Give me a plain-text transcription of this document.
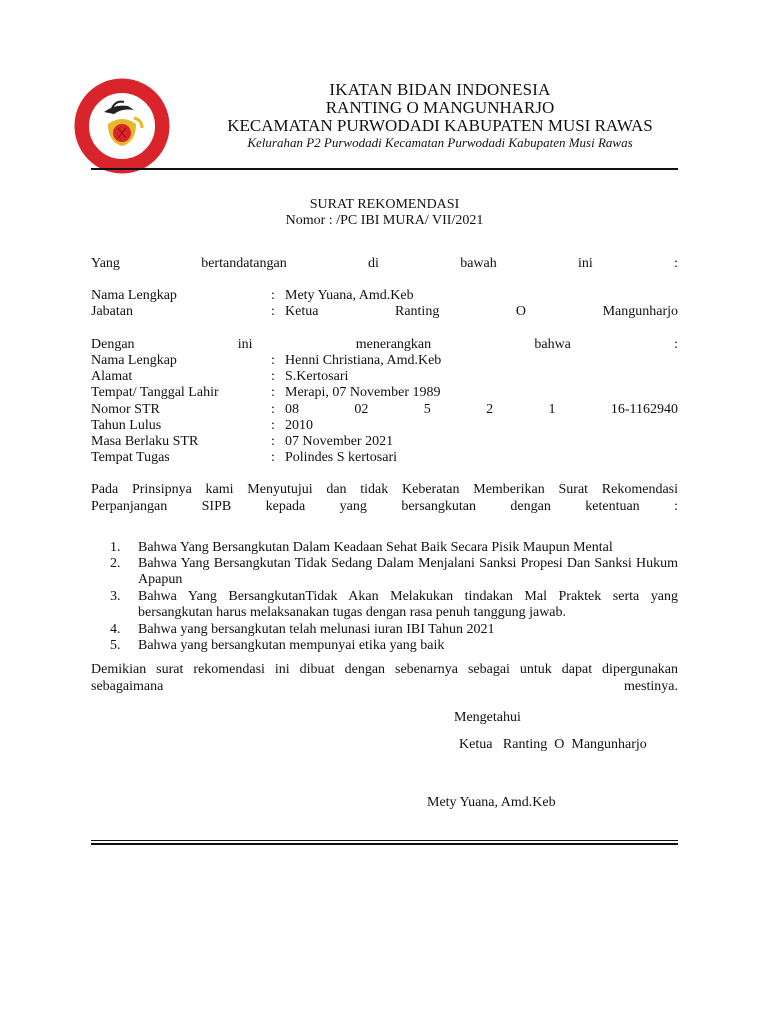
IKATAN BIDAN INDONESIA
RANTING O MANGUNHARJO
KECAMATAN PURWODADI KABUPATEN MUSI RAWAS
Kelurahan P2 Purwodadi Kecamatan Purwodadi Kabupaten Musi Rawas
SURAT REKOMENDASI
Nomor : /PC IBI MURA/ VII/2021
Yang	bertandatangan	di	bawah	ini	:
Nama Lengkap	: Mety Yuana, Amd.Keb
Jabatan	: Ketua Ranting O Mangunharjo
Dengan	ini	menerangkan	bahwa	:
Nama Lengkap	: Henni Christiana, Amd.Keb
Alamat	: S.Kertosari
Tempat/ Tanggal Lahir	: Merapi, 07 November 1989
Nomor STR	: 08 02 5 2 1 16-1162940
Tahun Lulus	: 2010
Masa Berlaku STR	: 07 November 2021
Tempat Tugas	: Polindes S kertosari
Pada Prinsipnya kami Menyutujui dan tidak Keberatan Memberikan Surat Rekomendasi
Perpanjangan SIPB kepada yang bersangkutan dengan ketentuan :
1.	Bahwa Yang Bersangkutan Dalam Keadaan Sehat Baik Secara Pisik Maupun Mental
2.	Bahwa Yang Bersangkutan Tidak Sedang Dalam Menjalani Sanksi Propesi Dan Sanksi Hukum Apapun
3.	Bahwa Yang BersangkutanTidak Akan Melakukan tindakan Mal Praktek serta yang bersangkutan harus melaksanakan tugas dengan rasa penuh tanggung jawab.
4.	Bahwa yang bersangkutan telah melunasi iuran IBI Tahun 2021
5.	Bahwa yang bersangkutan mempunyai etika yang baik
Demikian surat rekomendasi ini dibuat dengan sebenarnya sebagai untuk dapat dipergunakan
sebagaimana	mestinya.
Mengetahui
Ketua   Ranting  O  Mangunharjo
Mety Yuana, Amd.Keb
